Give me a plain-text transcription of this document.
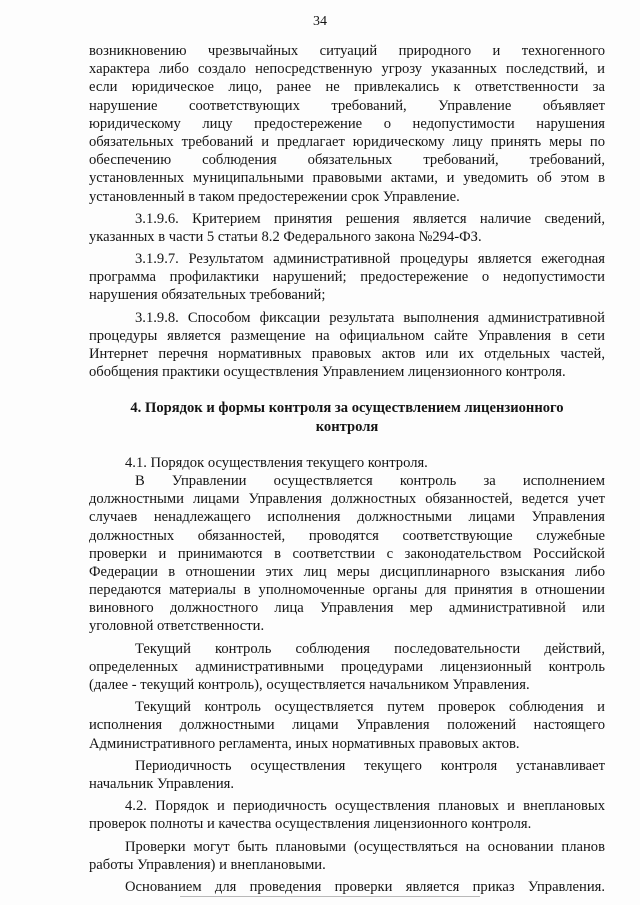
34
возникновению чрезвычайных ситуаций природного и техногенного
характера либо создало непосредственную угрозу указанных последствий, и
если юридическое лицо, ранее не привлекались к ответственности за
нарушение соответствующих требований, Управление объявляет
юридическому лицу предостережение о недопустимости нарушения
обязательных требований и предлагает юридическому лицу принять меры по
обеспечению соблюдения обязательных требований, требований,
установленных муниципальными правовыми актами, и уведомить об этом в
установленный в таком предостережении срок Управление.
3.1.9.6. Критерием принятия решения является наличие сведений,
указанных в части 5 статьи 8.2 Федерального закона №294-ФЗ.
3.1.9.7. Результатом административной процедуры является ежегодная
программа профилактики нарушений; предостережение о недопустимости
нарушения обязательных требований;
3.1.9.8. Способом фиксации результата выполнения административной
процедуры является размещение на официальном сайте Управления в сети
Интернет перечня нормативных правовых актов или их отдельных частей,
обобщения практики осуществления Управлением лицензионного контроля.
4. Порядок и формы контроля за осуществлением лицензионного
контроля
4.1. Порядок осуществления текущего контроля.
В Управлении осуществляется контроль за исполнением
должностными лицами Управления должностных обязанностей, ведется учет
случаев ненадлежащего исполнения должностными лицами Управления
должностных обязанностей, проводятся соответствующие служебные
проверки и принимаются в соответствии с законодательством Российской
Федерации в отношении этих лиц меры дисциплинарного взыскания либо
передаются материалы в уполномоченные органы для принятия в отношении
виновного должностного лица Управления мер административной или
уголовной ответственности.
Текущий контроль соблюдения последовательности действий,
определенных административными процедурами лицензионный контроль
(далее - текущий контроль), осуществляется начальником Управления.
Текущий контроль осуществляется путем проверок соблюдения и
исполнения должностными лицами Управления положений настоящего
Административного регламента, иных нормативных правовых актов.
Периодичность осуществления текущего контроля устанавливает
начальник Управления.
4.2. Порядок и периодичность осуществления плановых и внеплановых
проверок полноты и качества осуществления лицензионного контроля.
Проверки могут быть плановыми (осуществляться на основании планов
работы Управления) и внеплановыми.
Основанием для проведения проверки является приказ Управления.
